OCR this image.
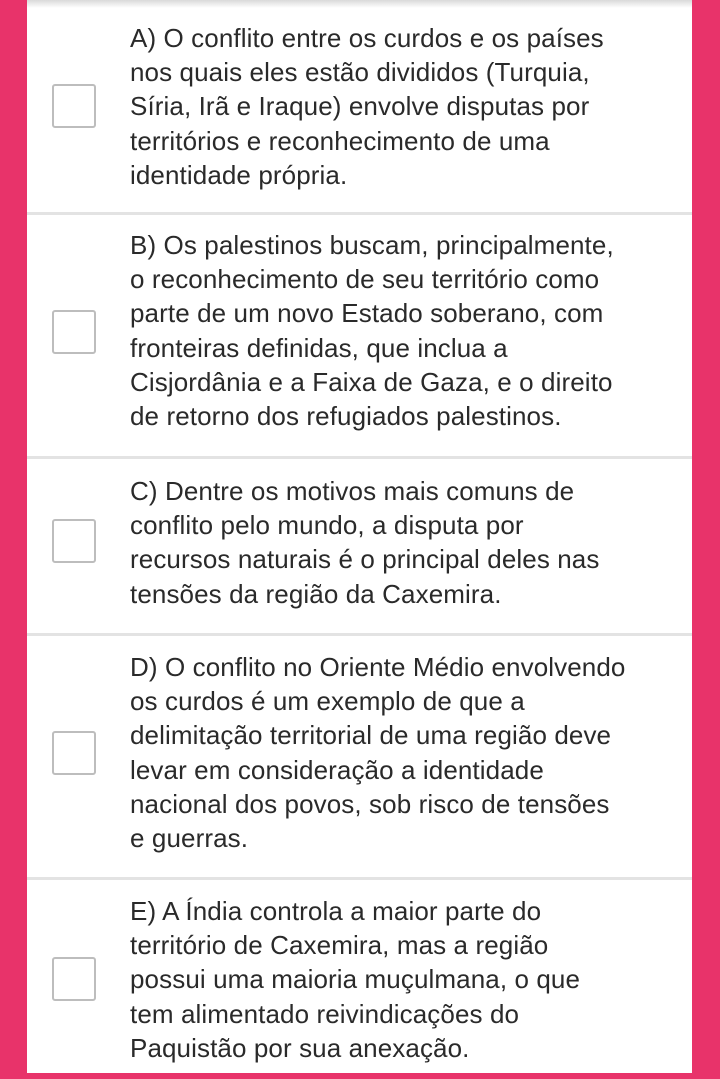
A) O conflito entre os curdos e os países
nos quais eles estão divididos (Turquia,
Síria, Irã e Iraque) envolve disputas por
territórios e reconhecimento de uma
identidade própria.

B) Os palestinos buscam, principalmente,
o reconhecimento de seu território como
parte de um novo Estado soberano, com
fronteiras definidas, que inclua a
Cisjordânia e a Faixa de Gaza, e o direito
de retorno dos refugiados palestinos.

C) Dentre os motivos mais comuns de
conflito pelo mundo, a disputa por
recursos naturais é o principal deles nas
tensões da região da Caxemira.

D) O conflito no Oriente Médio envolvendo
os curdos é um exemplo de que a
delimitação territorial de uma região deve
levar em consideração a identidade
nacional dos povos, sob risco de tensões
e guerras.

E) A Índia controla a maior parte do
território de Caxemira, mas a região
possui uma maioria muçulmana, o que
tem alimentado reivindicações do
Paquistão por sua anexação.
